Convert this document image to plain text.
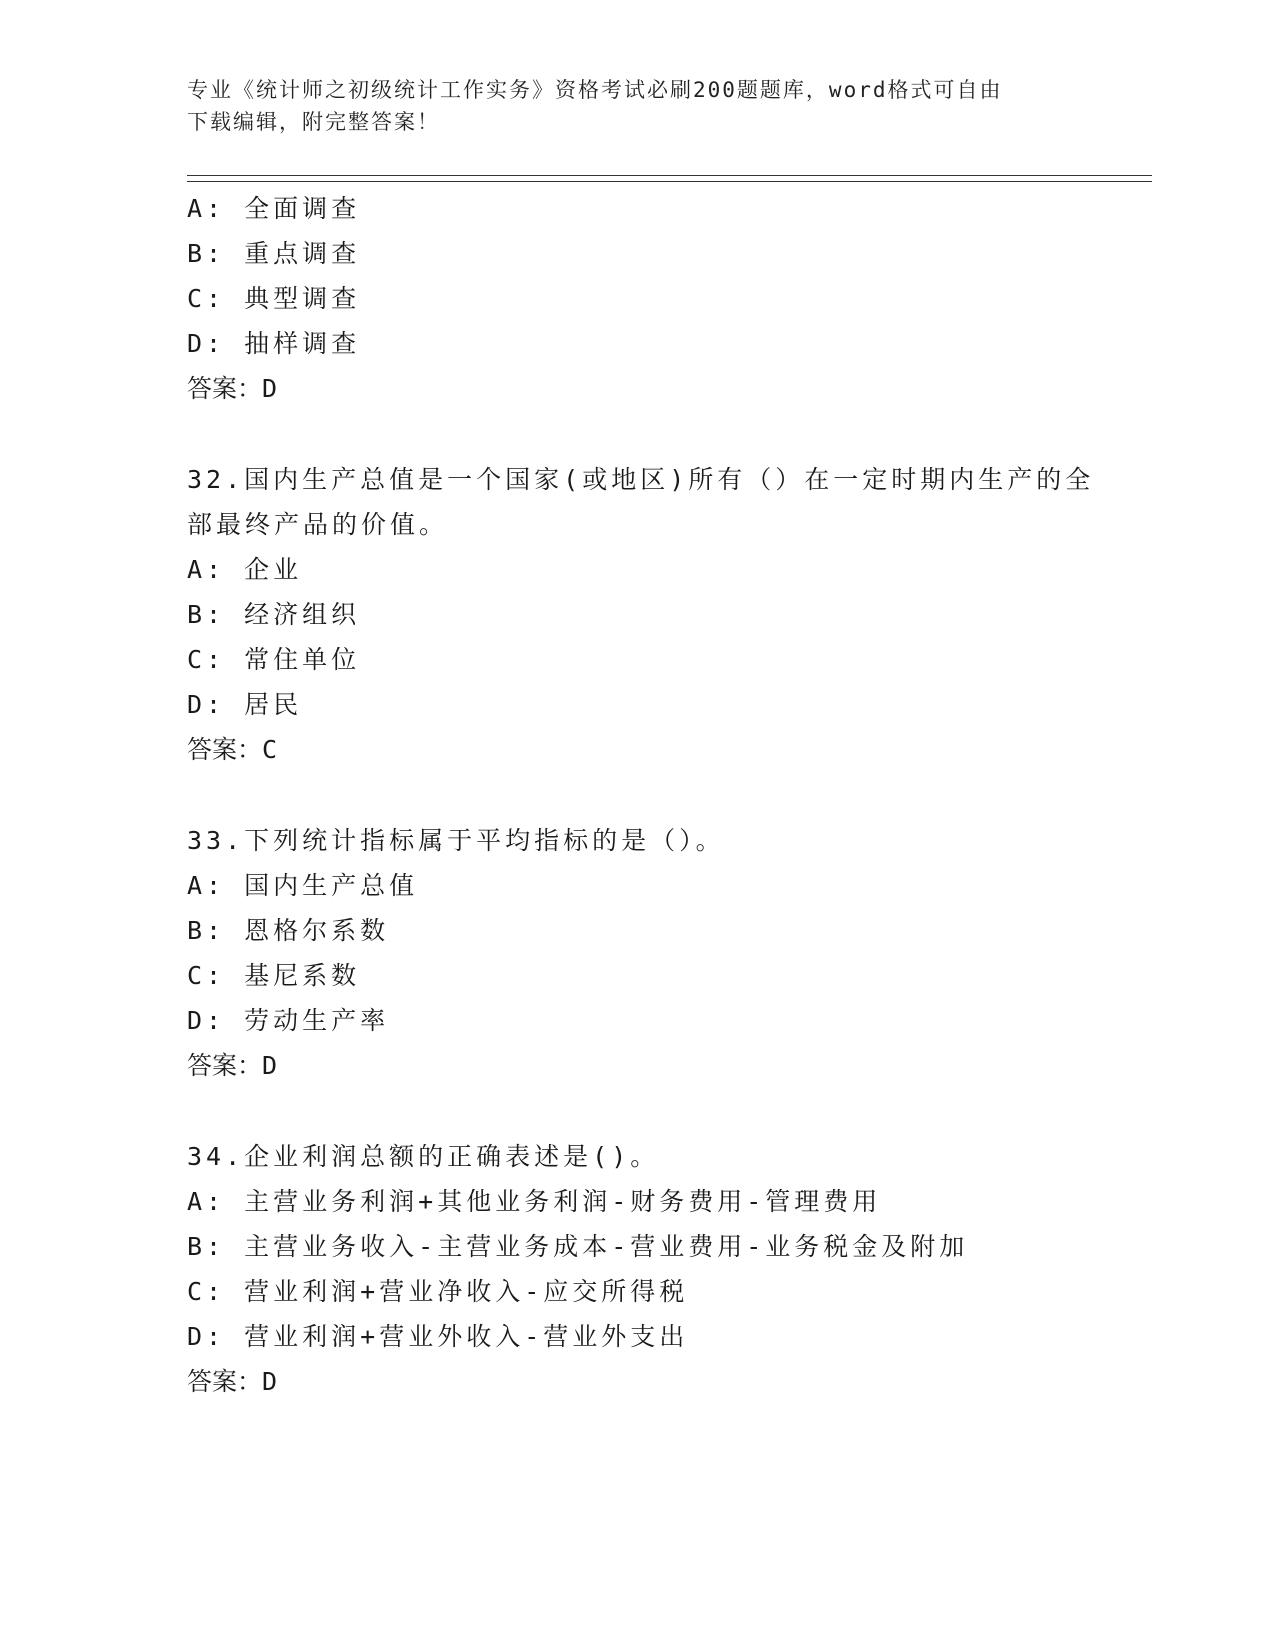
专业《统计师之初级统计工作实务》资格考试必刷200题题库，word格式可自由
下载编辑，附完整答案！
A: 全面调查
B: 重点调查
C: 典型调查
D: 抽样调查
答案：D
32.国内生产总值是一个国家(或地区)所有（）在一定时期内生产的全
部最终产品的价值。
A: 企业
B: 经济组织
C: 常住单位
D: 居民
答案：C
33.下列统计指标属于平均指标的是（）。
A: 国内生产总值
B: 恩格尔系数
C: 基尼系数
D: 劳动生产率
答案：D
34.企业利润总额的正确表述是()。
A: 主营业务利润+其他业务利润-财务费用-管理费用
B: 主营业务收入-主营业务成本-营业费用-业务税金及附加
C: 营业利润+营业净收入-应交所得税
D: 营业利润+营业外收入-营业外支出
答案：D
